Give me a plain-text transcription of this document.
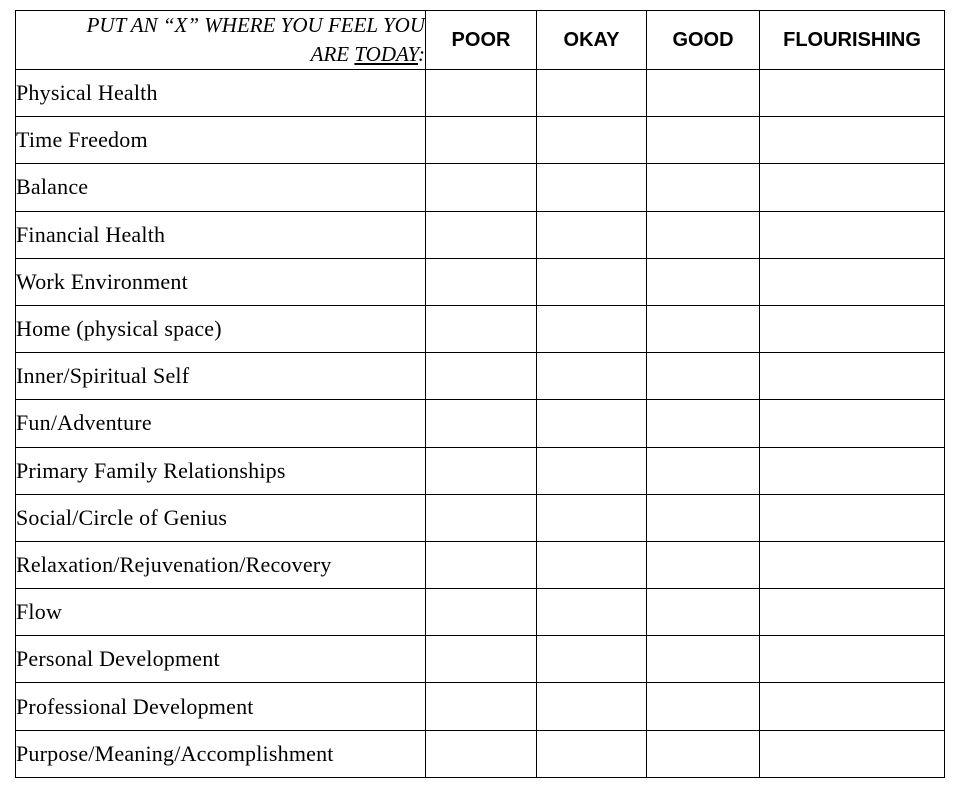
PUT AN “X” WHERE YOU FEEL YOU
ARE TODAY:	POOR	OKAY	GOOD	FLOURISHING
Physical Health				
Time Freedom				
Balance				
Financial Health				
Work Environment				
Home (physical space)				
Inner/Spiritual Self				
Fun/Adventure				
Primary Family Relationships				
Social/Circle of Genius				
Relaxation/Rejuvenation/Recovery				
Flow				
Personal Development				
Professional Development				
Purpose/Meaning/Accomplishment				
